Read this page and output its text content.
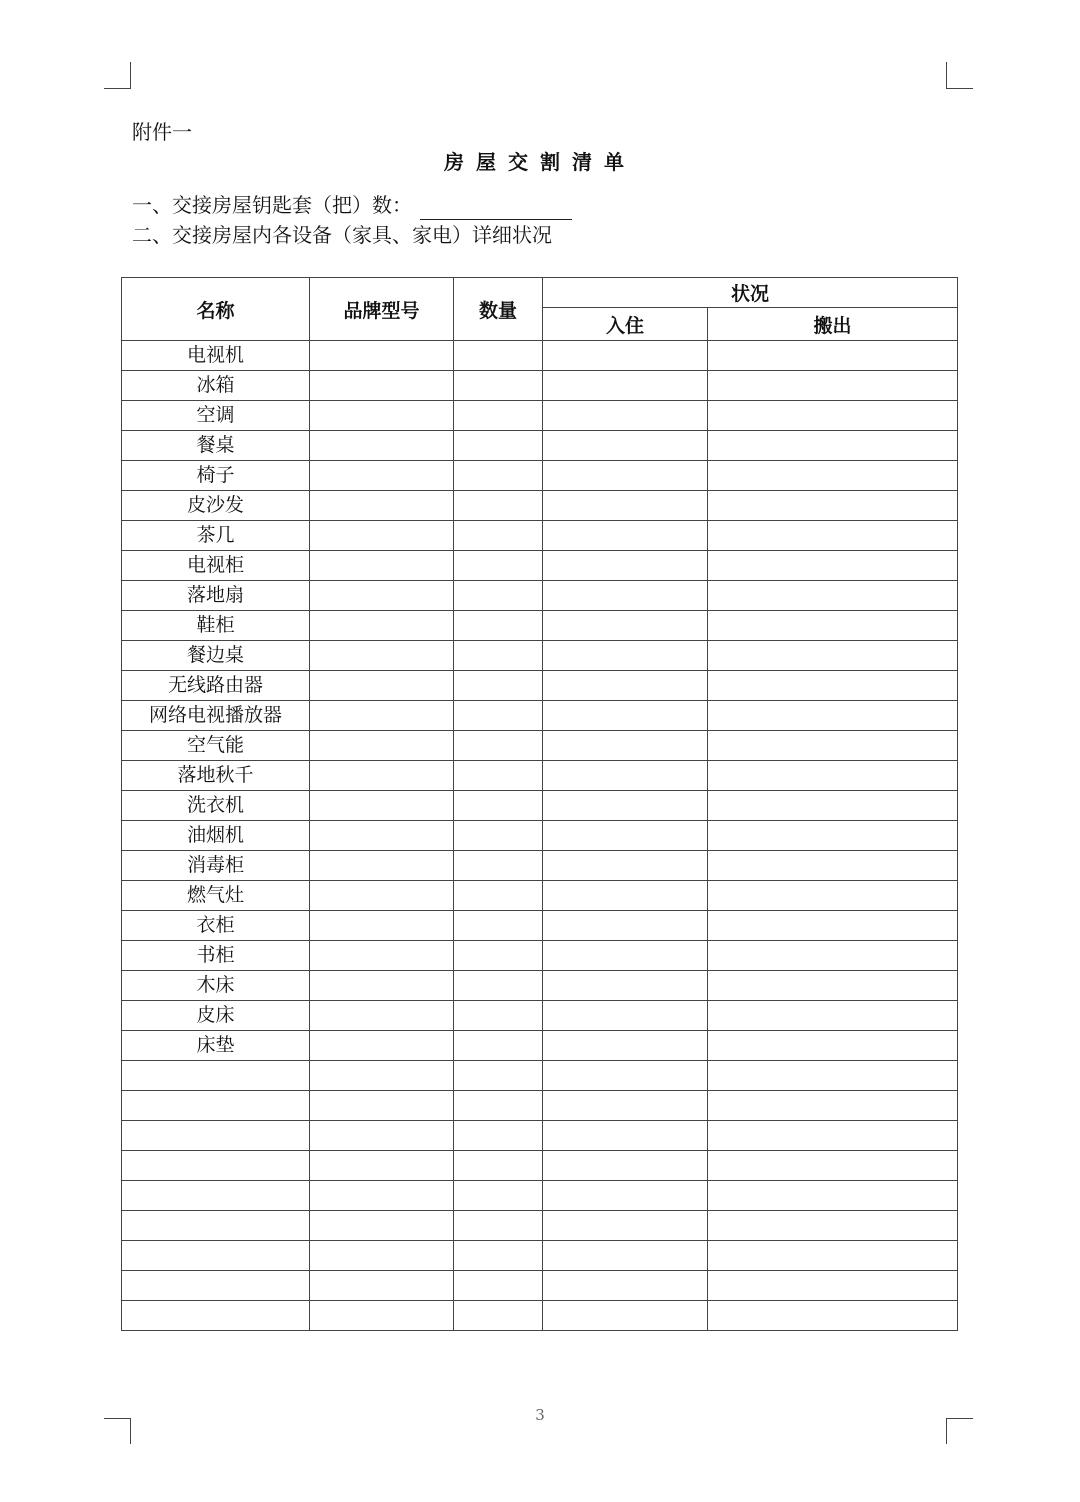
附件一
房屋交割清单
一、交接房屋钥匙套（把）数：
二、交接房屋内各设备（家具、家电）详细状况
名称	品牌型号	数量	状况	
			入住	搬出
电视机				
冰箱				
空调				
餐桌				
椅子				
皮沙发				
茶几				
电视柜				
落地扇				
鞋柜				
餐边桌				
无线路由器				
网络电视播放器				
空气能				
落地秋千				
洗衣机				
油烟机				
消毒柜				
燃气灶				
衣柜				
书柜				
木床				
皮床				
床垫				

3
